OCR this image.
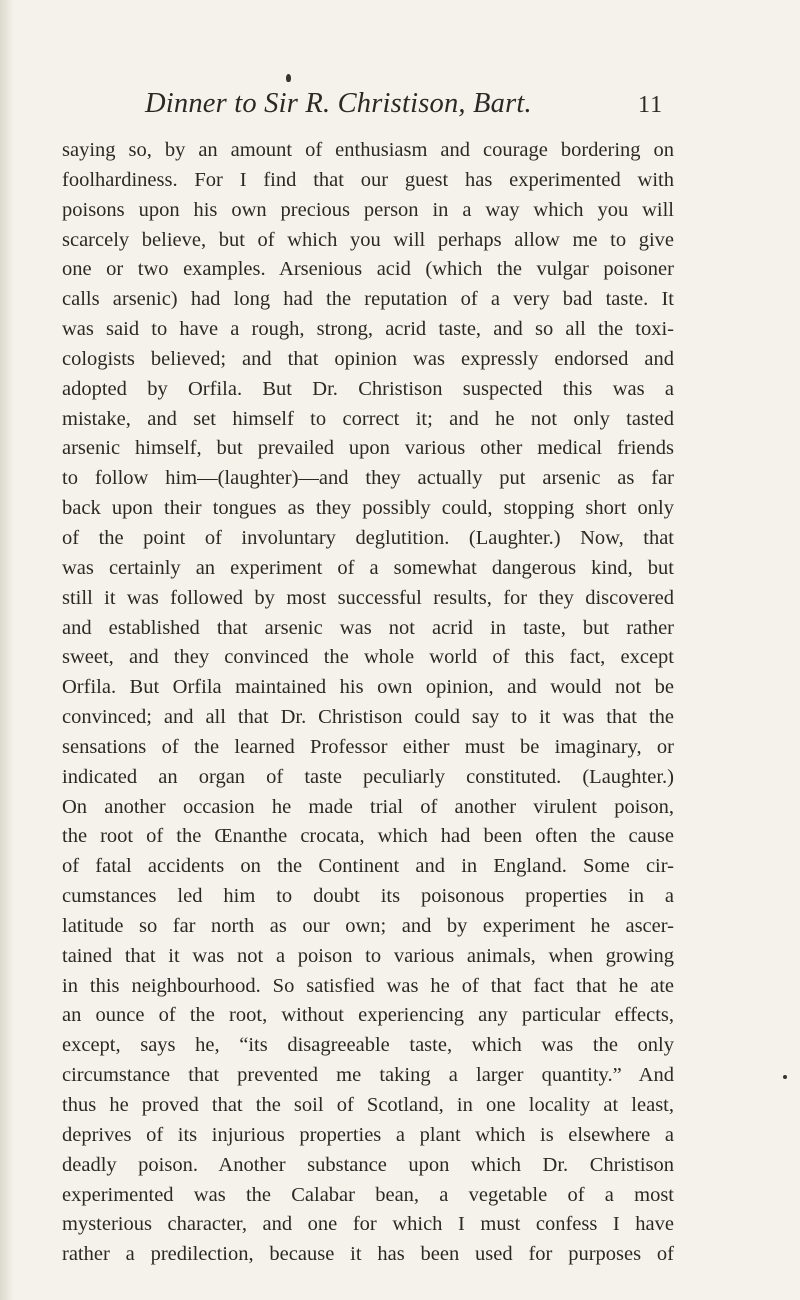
Dinner to Sir R. Christison, Bart.	11
saying so, by an amount of enthusiasm and courage bordering on
foolhardiness. For I find that our guest has experimented with
poisons upon his own precious person in a way which you will
scarcely believe, but of which you will perhaps allow me to give
one or two examples. Arsenious acid (which the vulgar poisoner
calls arsenic) had long had the reputation of a very bad taste. It
was said to have a rough, strong, acrid taste, and so all the toxi-
cologists believed; and that opinion was expressly endorsed and
adopted by Orfila. But Dr. Christison suspected this was a
mistake, and set himself to correct it; and he not only tasted
arsenic himself, but prevailed upon various other medical friends
to follow him—(laughter)—and they actually put arsenic as far
back upon their tongues as they possibly could, stopping short only
of the point of involuntary deglutition. (Laughter.) Now, that
was certainly an experiment of a somewhat dangerous kind, but
still it was followed by most successful results, for they discovered
and established that arsenic was not acrid in taste, but rather
sweet, and they convinced the whole world of this fact, except
Orfila. But Orfila maintained his own opinion, and would not be
convinced; and all that Dr. Christison could say to it was that the
sensations of the learned Professor either must be imaginary, or
indicated an organ of taste peculiarly constituted. (Laughter.)
On another occasion he made trial of another virulent poison,
the root of the Œnanthe crocata, which had been often the cause
of fatal accidents on the Continent and in England. Some cir-
cumstances led him to doubt its poisonous properties in a
latitude so far north as our own; and by experiment he ascer-
tained that it was not a poison to various animals, when growing
in this neighbourhood. So satisfied was he of that fact that he ate
an ounce of the root, without experiencing any particular effects,
except, says he, “its disagreeable taste, which was the only
circumstance that prevented me taking a larger quantity.” And
thus he proved that the soil of Scotland, in one locality at least,
deprives of its injurious properties a plant which is elsewhere a
deadly poison. Another substance upon which Dr. Christison
experimented was the Calabar bean, a vegetable of a most
mysterious character, and one for which I must confess I have
rather a predilection, because it has been used for purposes of
